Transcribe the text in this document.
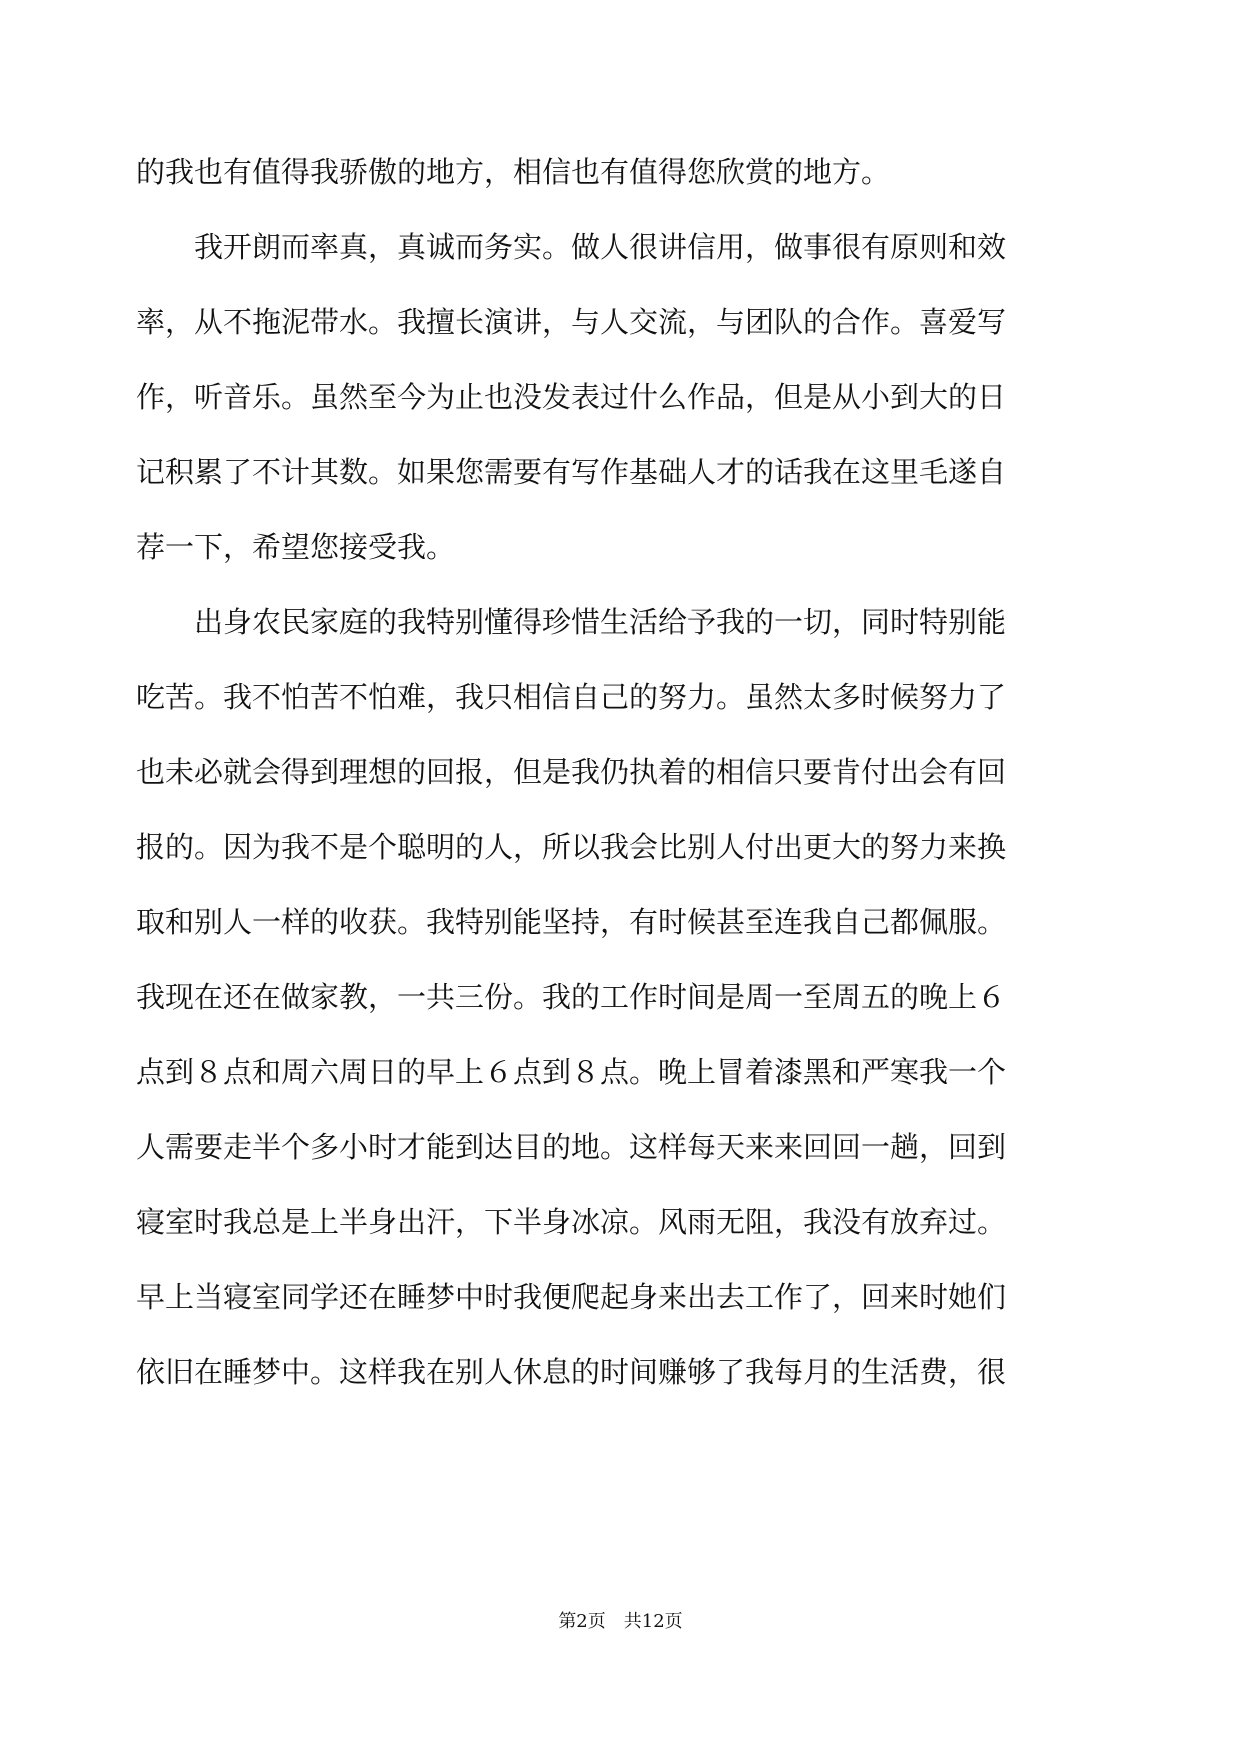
的我也有值得我骄傲的地方，相信也有值得您欣赏的地方。

我开朗而率真，真诚而务实。做人很讲信用，做事很有原则和效

率，从不拖泥带水。我擅长演讲，与人交流，与团队的合作。喜爱写

作，听音乐。虽然至今为止也没发表过什么作品，但是从小到大的日

记积累了不计其数。如果您需要有写作基础人才的话我在这里毛遂自

荐一下，希望您接受我。

出身农民家庭的我特别懂得珍惜生活给予我的一切，同时特别能

吃苦。我不怕苦不怕难，我只相信自己的努力。虽然太多时候努力了

也未必就会得到理想的回报，但是我仍执着的相信只要肯付出会有回

报的。因为我不是个聪明的人，所以我会比别人付出更大的努力来换

取和别人一样的收获。我特别能坚持，有时候甚至连我自己都佩服。

我现在还在做家教，一共三份。我的工作时间是周一至周五的晚上６

点到８点和周六周日的早上６点到８点。晚上冒着漆黑和严寒我一个

人需要走半个多小时才能到达目的地。这样每天来来回回一趟，回到

寝室时我总是上半身出汗，下半身冰凉。风雨无阻，我没有放弃过。

早上当寝室同学还在睡梦中时我便爬起身来出去工作了，回来时她们

依旧在睡梦中。这样我在别人休息的时间赚够了我每月的生活费，很

第2页 共12页
